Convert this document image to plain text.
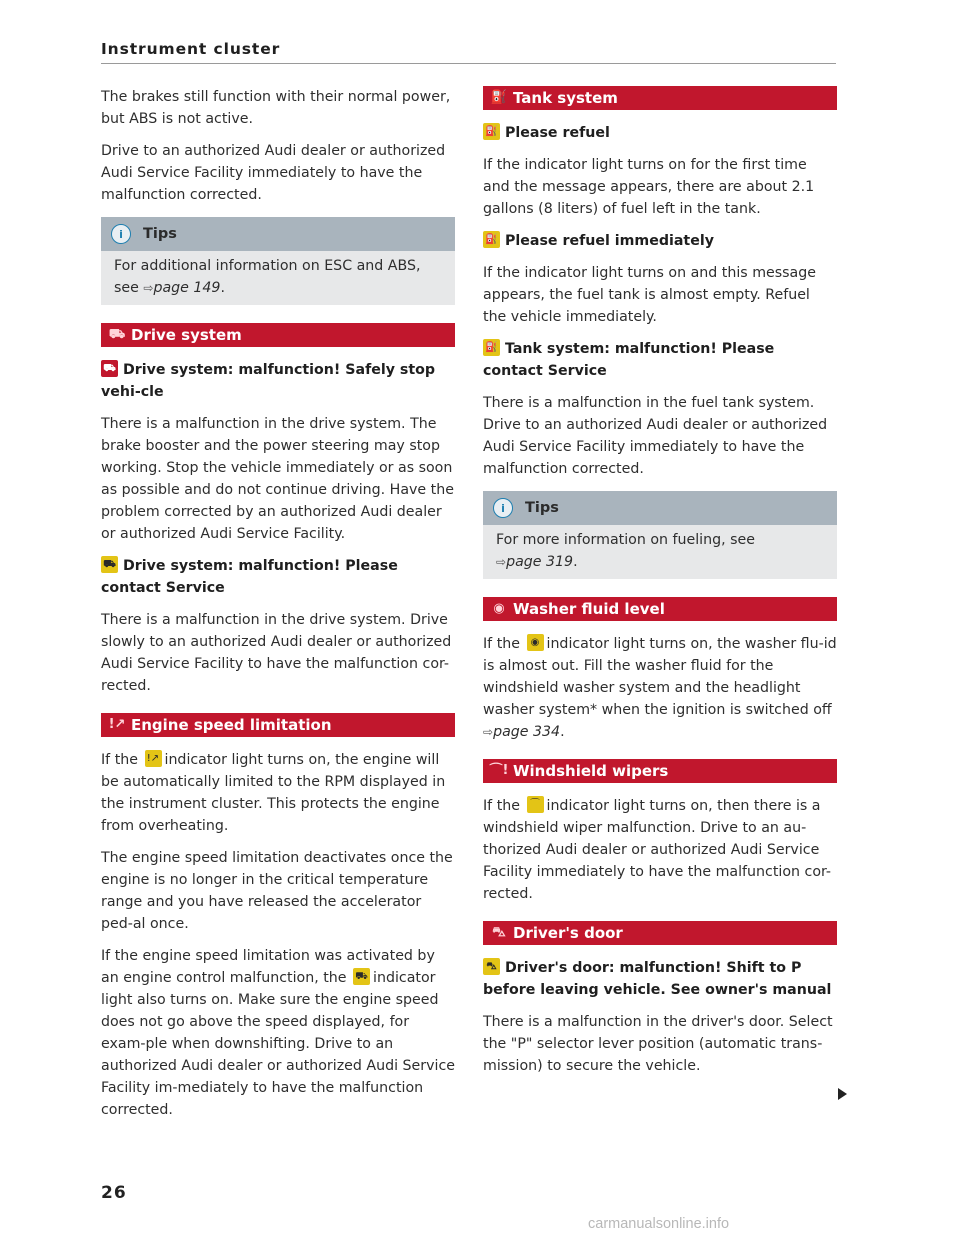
Instrument cluster

The brakes still function with their normal power, but ABS is not active.

Drive to an authorized Audi dealer or authorized Audi Service Facility immediately to have the malfunction corrected.

i	Tips
For additional information on ESC and ABS, see ⇨page 149.
⛟ Drive system
⛟ Drive system: malfunction! Safely stop vehi-cle

There is a malfunction in the drive system. The brake booster and the power steering may stop working. Stop the vehicle immediately or as soon as possible and do not continue driving. Have the problem corrected by an authorized Audi dealer or authorized Audi Service Facility.

⛟ Drive system: malfunction! Please contact Service

There is a malfunction in the drive system. Drive slowly to an authorized Audi dealer or authorized Audi Service Facility to have the malfunction cor-rected.

!↗ Engine speed limitation

If the !↗ indicator light turns on, the engine will be automatically limited to the RPM displayed in the instrument cluster. This protects the engine from overheating.

The engine speed limitation deactivates once the engine is no longer in the critical temperature range and you have released the accelerator ped-al once.

If the engine speed limitation was activated by an engine control malfunction, the ⛟ indicator light also turns on. Make sure the engine speed does not go above the speed displayed, for exam-ple when downshifting. Drive to an authorized Audi dealer or authorized Audi Service Facility im-mediately to have the malfunction corrected.

⛽ Tank system
⛽ Please refuel

If the indicator light turns on for the first time and the message appears, there are about 2.1 gallons (8 liters) of fuel left in the tank.

⛽ Please refuel immediately

If the indicator light turns on and this message appears, the fuel tank is almost empty. Refuel the vehicle immediately.

⛽ Tank system: malfunction! Please contact Service

There is a malfunction in the fuel tank system. Drive to an authorized Audi dealer or authorized Audi Service Facility immediately to have the malfunction corrected.

i	Tips
For more information on fueling, see
⇨page 319.
◉ Washer fluid level

If the	◉ indicator light turns on, the washer flu-id is almost out. Fill the washer fluid for the windshield washer system and the headlight washer system* when the ignition is switched off ⇨page 334.

⌒! Windshield wipers

If the	⌒ indicator light turns on, then there is a windshield wiper malfunction. Drive to an au-thorized Audi dealer or authorized Audi Service Facility immediately to have the malfunction cor-rected.

⛍ Driver's door
⛍ Driver's door: malfunction! Shift to P before leaving vehicle. See owner's manual

There is a malfunction in the driver's door. Select the "P" selector lever position (automatic trans-mission) to secure the vehicle.

26
carmanualsonline.info
